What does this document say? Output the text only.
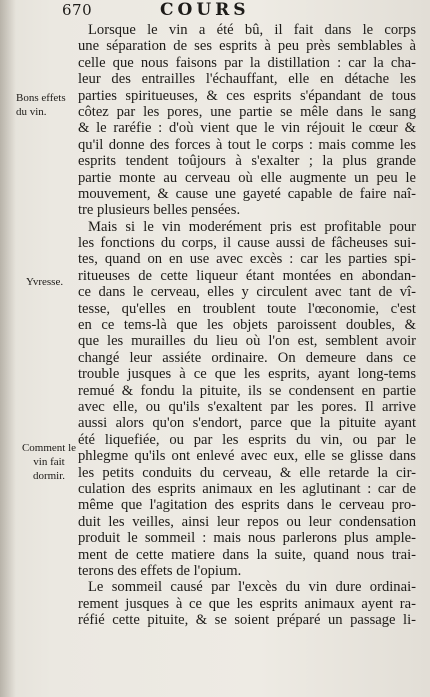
670	COURS
Bons effets du vin.
Yvresse.
Comment le vin fait dormir.

Lorsque le vin a été bû, il fait dans le corps
une séparation de ses esprits à peu près semblables à
celle que nous faisons par la distillation : car la cha-
leur des entrailles l'échauffant, elle en détache les
parties spiritueuses, & ces esprits s'épandant de tous
côtez par les pores, une partie se mêle dans le sang
& le raréfie : d'où vient que le vin réjouit le cœur &
qu'il donne des forces à tout le corps : mais comme les
esprits tendent toûjours à s'exalter ; la plus grande
partie monte au cerveau où elle augmente un peu le
mouvement, & cause une gayeté capable de faire naî-
tre plusieurs belles pensées.

Mais si le vin moderément pris est profitable pour
les fonctions du corps, il cause aussi de fâcheuses sui-
tes, quand on en use avec excès : car les parties spi-
ritueuses de cette liqueur étant montées en abondan-
ce dans le cerveau, elles y circulent avec tant de vî-
tesse, qu'elles en troublent toute l'œconomie, c'est
en ce tems-là que les objets paroissent doubles, &
que les murailles du lieu où l'on est, semblent avoir
changé leur assiéte ordinaire. On demeure dans ce
trouble jusques à ce que les esprits, ayant long-tems
remué & fondu la pituite, ils se condensent en partie
avec elle, ou qu'ils s'exaltent par les pores. Il arrive
aussi alors qu'on s'endort, parce que la pituite ayant
été liquefiée, ou par les esprits du vin, ou par le
phlegme qu'ils ont enlevé avec eux, elle se glisse dans
les petits conduits du cerveau, & elle retarde la cir-
culation des esprits animaux en les aglutinant : car de
même que l'agitation des esprits dans le cerveau pro-
duit les veilles, ainsi leur repos ou leur condensation
produit le sommeil : mais nous parlerons plus ample-
ment de cette matiere dans la suite, quand nous trai-
terons des effets de l'opium.

Le sommeil causé par l'excès du vin dure ordinai-
rement jusques à ce que les esprits animaux ayent ra-
réfié cette pituite, & se soient préparé un passage li-
